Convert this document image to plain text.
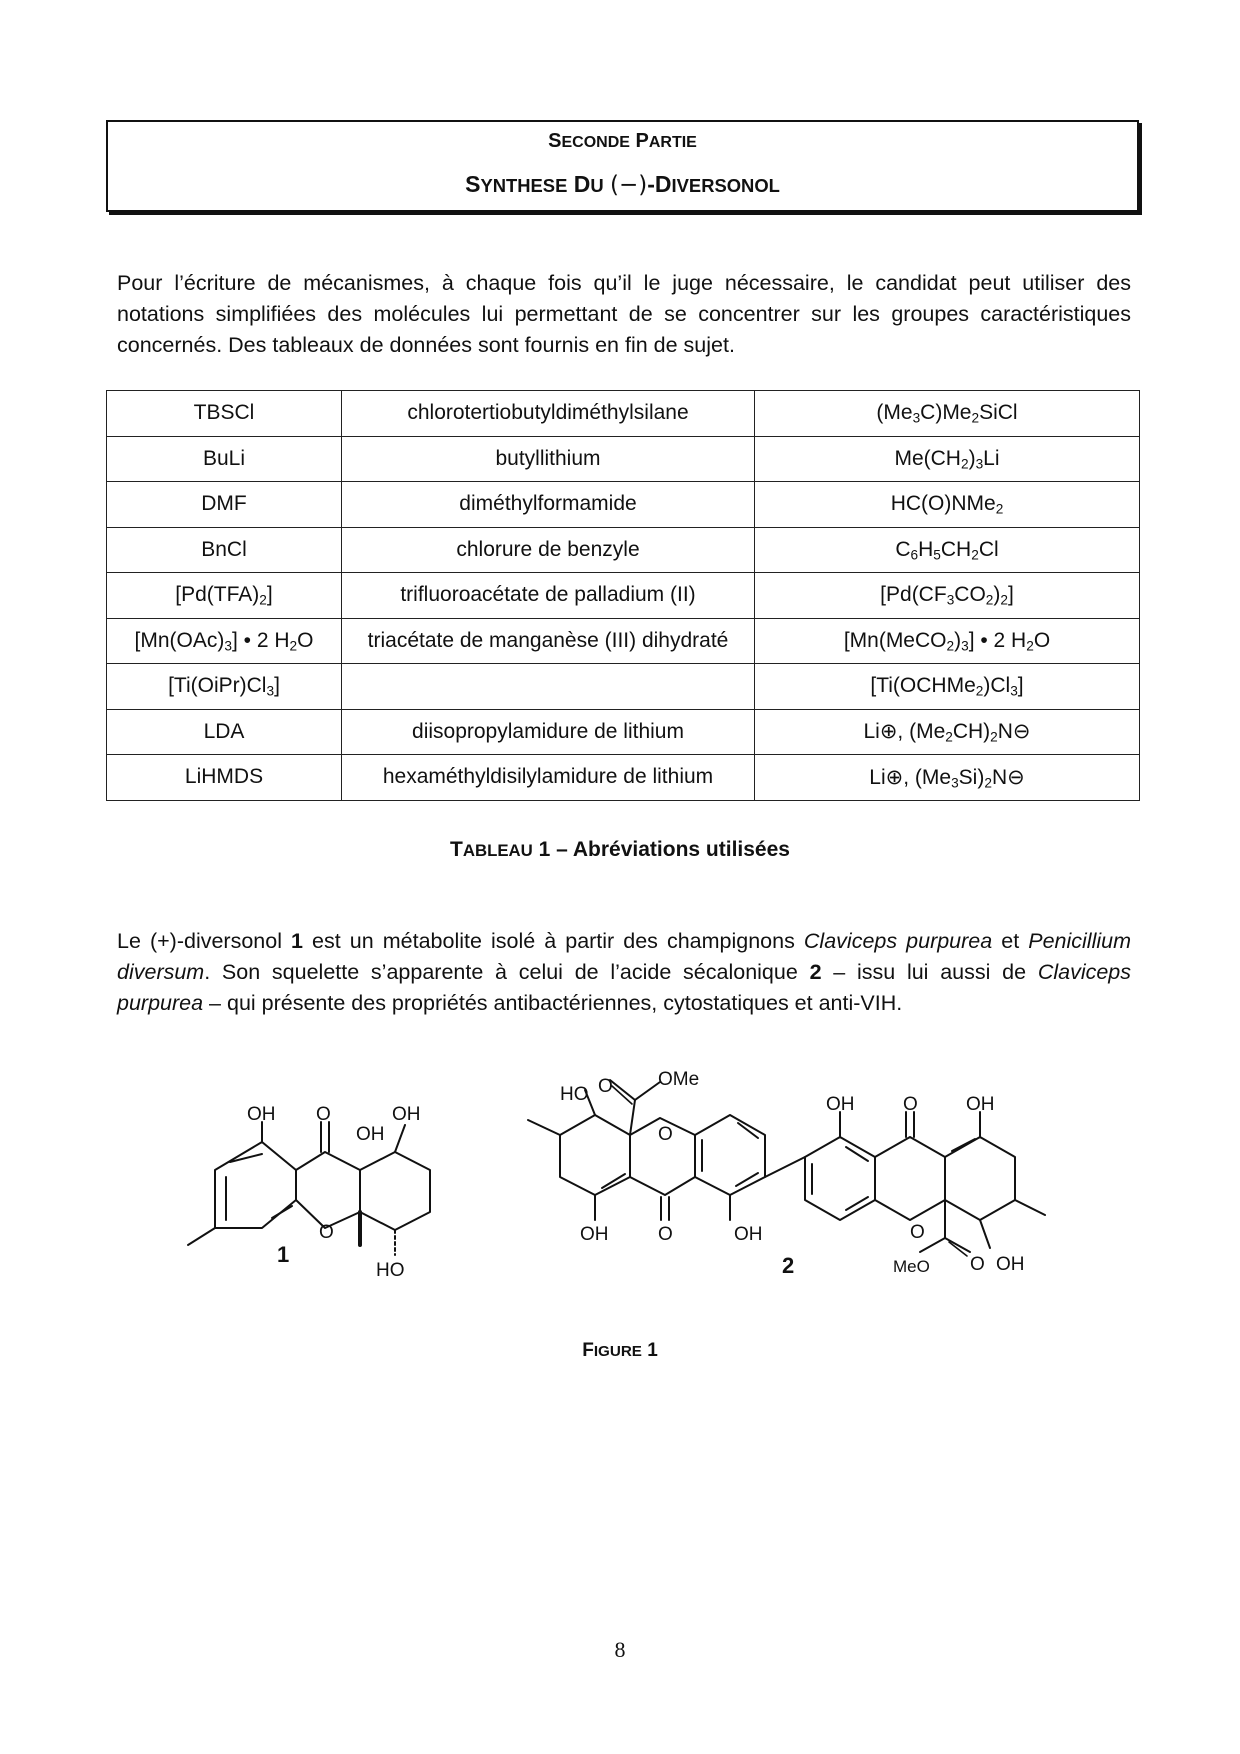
SECONDE PARTIE
SYNTHESE DU (−)-DIVERSONOL

Pour l’écriture de mécanismes, à chaque fois qu’il le juge nécessaire, le candidat peut utiliser des notations simplifiées des molécules lui permettant de se concentrer sur les groupes caractéristiques concernés. Des tableaux de données sont fournis en fin de sujet.

TBSCl	chlorotertiobutyldiméthylsilane	$(Me_3C)Me_2SiCl$
BuLi	butyllithium	$Me(CH_2)_3Li$
DMF	diméthylformamide	HC(O)NMe$_2$
BnCl	chlorure de benzyle	$C_6H_5CH_2Cl$
$[Pd(TFA)_2]$	trifluoroacétate de palladium (II)	$[Pd(CF_3CO_2)_2]$
$[Mn(OAc)_3]$ • 2 $H_2O$	triacétate de manganèse (III) dihydraté	$[Mn(MeCO_2)_3]$ • 2 $H_2O$
$[Ti(OiPr)Cl_3]$		$[Ti(OCHMe_2)Cl_3]$
LDA	diisopropylamidure de lithium	Li⊕, $(Me_2CH)_2N⊖$
LiHMDS	hexaméthyldisilylamidure de lithium	Li⊕, $(Me_3Si)_2N⊖$
TABLEAU 1 – Abréviations utilisées

Le (+)-diversonol 1 est un métabolite isolé à partir des champignons Claviceps purpurea et Penicillium diversum. Son squelette s’apparente à celui de l’acide sécalonique 2 – issu lui aussi de Claviceps purpurea – qui présente des propriétés antibactériennes, cytostatiques et anti-VIH.

OH O
OH
OH
O
HO
1
HO O OMe
O
OH	O	OH
OH	O	OH
O
MeO O OH
2
FIGURE 1
8
